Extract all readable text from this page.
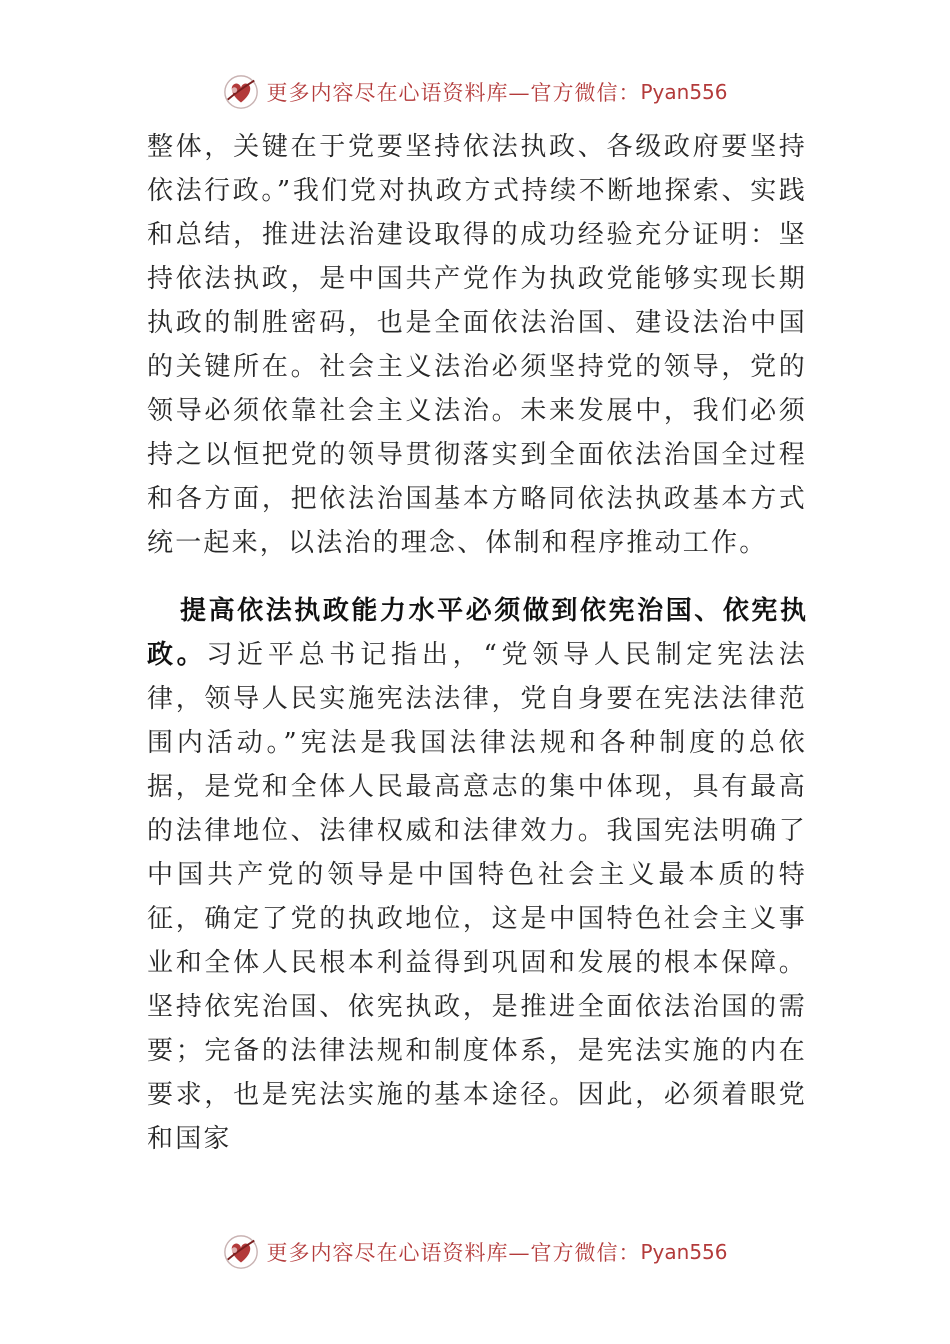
更多内容尽在心语资料库—官方微信： Pyan556

整体，关键在于党要坚持依法执政、各级政府要坚持依法行政。”我们党对执政方式持续不断地探索、实践和总结，推进法治建设取得的成功经验充分证明：坚持依法执政，是中国共产党作为执政党能够实现长期执政的制胜密码，也是全面依法治国、建设法治中国的关键所在。社会主义法治必须坚持党的领导，党的领导必须依靠社会主义法治。未来发展中，我们必须持之以恒把党的领导贯彻落实到全面依法治国全过程和各方面，把依法治国基本方略同依法执政基本方式统一起来，以法治的理念、体制和程序推动工作。

提高依法执政能力水平必须做到依宪治国、依宪执政。习近平总书记指出，“党领导人民制定宪法法律，领导人民实施宪法法律，党自身要在宪法法律范围内活动。”宪法是我国法律法规和各种制度的总依据，是党和全体人民最高意志的集中体现，具有最高的法律地位、法律权威和法律效力。我国宪法明确了中国共产党的领导是中国特色社会主义最本质的特征，确定了党的执政地位，这是中国特色社会主义事业和全体人民根本利益得到巩固和发展的根本保障。坚持依宪治国、依宪执政，是推进全面依法治国的需要；完备的法律法规和制度体系，是宪法实施的内在要求，也是宪法实施的基本途径。因此，必须着眼党和国家

更多内容尽在心语资料库—官方微信： Pyan556
